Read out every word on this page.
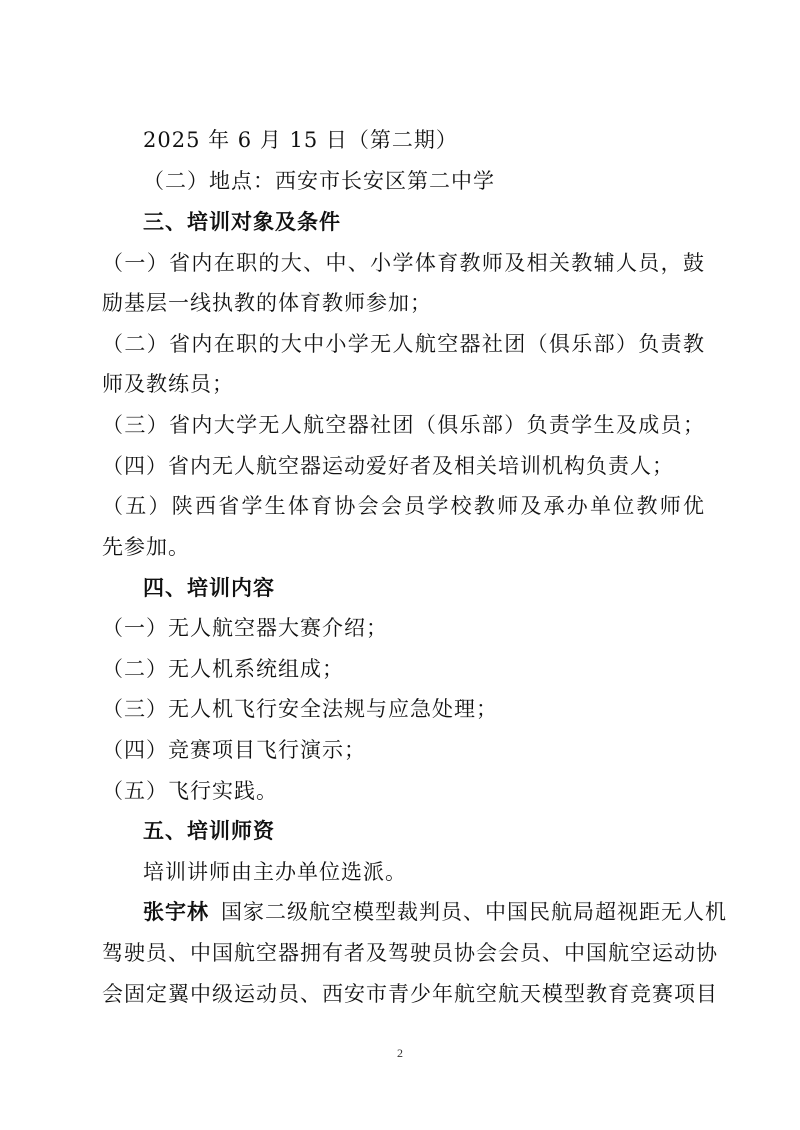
2025 年 6 月 15 日（第二期）
（二）地点：西安市长安区第二中学
三、培训对象及条件
（一）省内在职的大、中、小学体育教师及相关教辅人员，鼓
励基层一线执教的体育教师参加；
（二）省内在职的大中小学无人航空器社团（俱乐部）负责教
师及教练员；
（三）省内大学无人航空器社团（俱乐部）负责学生及成员；
（四）省内无人航空器运动爱好者及相关培训机构负责人；
（五）陕西省学生体育协会会员学校教师及承办单位教师优
先参加。
四、培训内容
（一）无人航空器大赛介绍；
（二）无人机系统组成；
（三）无人机飞行安全法规与应急处理；
（四）竞赛项目飞行演示；
（五）飞行实践。
五、培训师资
培训讲师由主办单位选派。
张宇林 国家二级航空模型裁判员、中国民航局超视距无人机
驾驶员、中国航空器拥有者及驾驶员协会会员、中国航空运动协
会固定翼中级运动员、西安市青少年航空航天模型教育竞赛项目
2
